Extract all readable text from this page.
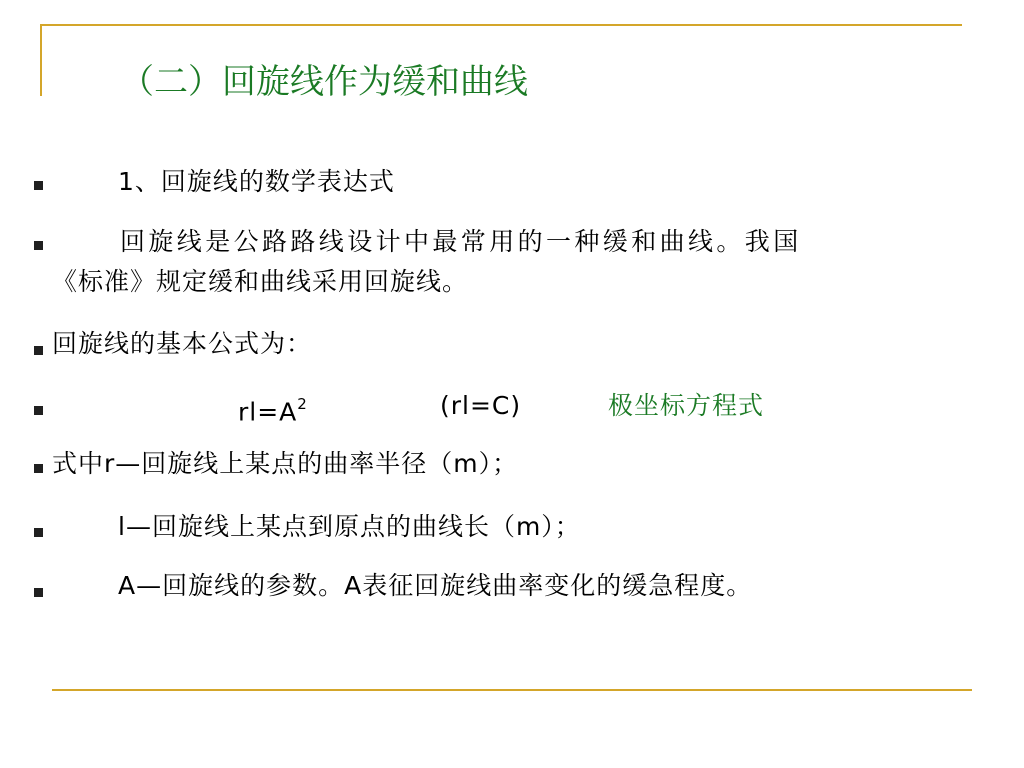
（二）回旋线作为缓和曲线
1、回旋线的数学表达式
回旋线是公路路线设计中最常用的一种缓和曲线。我国
《标准》规定缓和曲线采用回旋线。
回旋线的基本公式为：
$rl=A^2$	(rl=C)	极坐标方程式
式中r—回旋线上某点的曲率半径（m）；
l—回旋线上某点到原点的曲线长（m）；
A—回旋线的参数。A表征回旋线曲率变化的缓急程度。
